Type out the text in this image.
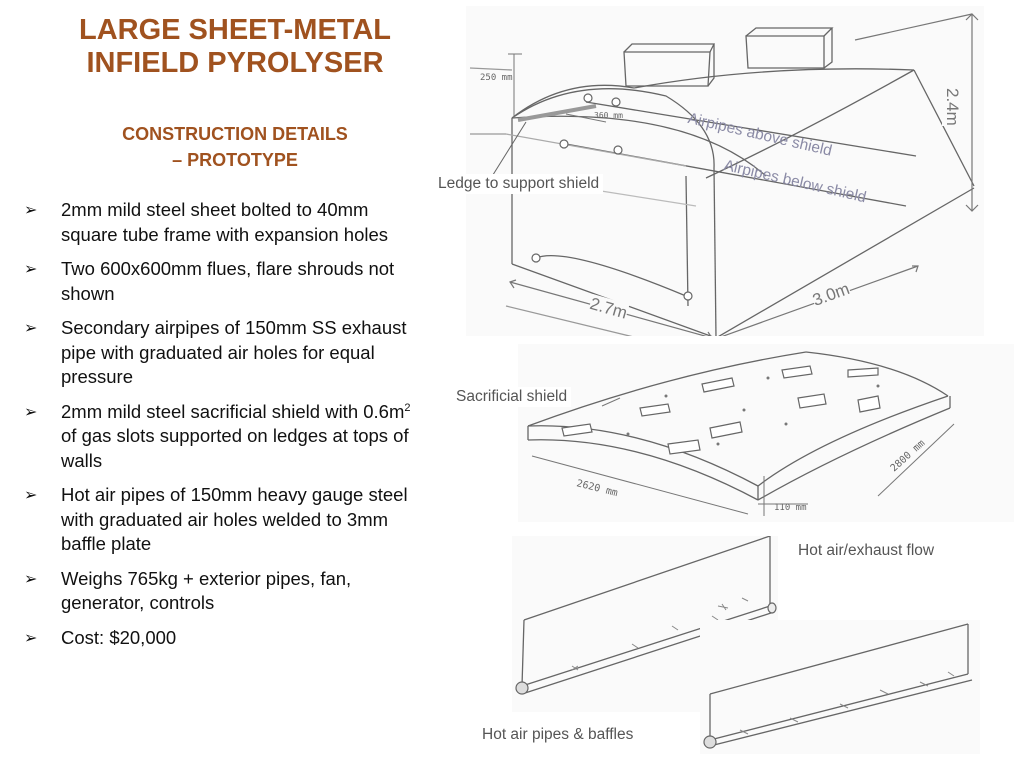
LARGE SHEET-METAL
INFIELD PYROLYSER
CONSTRUCTION DETAILS
– PROTOTYPE
➢ 2mm mild steel sheet bolted to 40mm square tube frame with expansion holes
➢ Two 600x600mm flues, flare shrouds not shown
➢ Secondary airpipes of 150mm SS exhaust pipe with graduated air holes for equal pressure
➢ 2mm mild steel sacrificial shield with $0.6m^2$ of gas slots supported on ledges at tops of walls
➢ Hot air pipes of 150mm heavy gauge steel with graduated air holes welded to 3mm baffle plate
➢ Weighs 765kg + exterior pipes, fan, generator, controls
➢ Cost: $20,000
250 mm
360 mm	Airpipes above shield
Airpipes below shield
Ledge to support shield
2.4m
2.7m	3.0m
2620 mm
2800 mm
110 mm
Sacrificial shield
Hot air/exhaust flow
Hot air pipes & baffles
